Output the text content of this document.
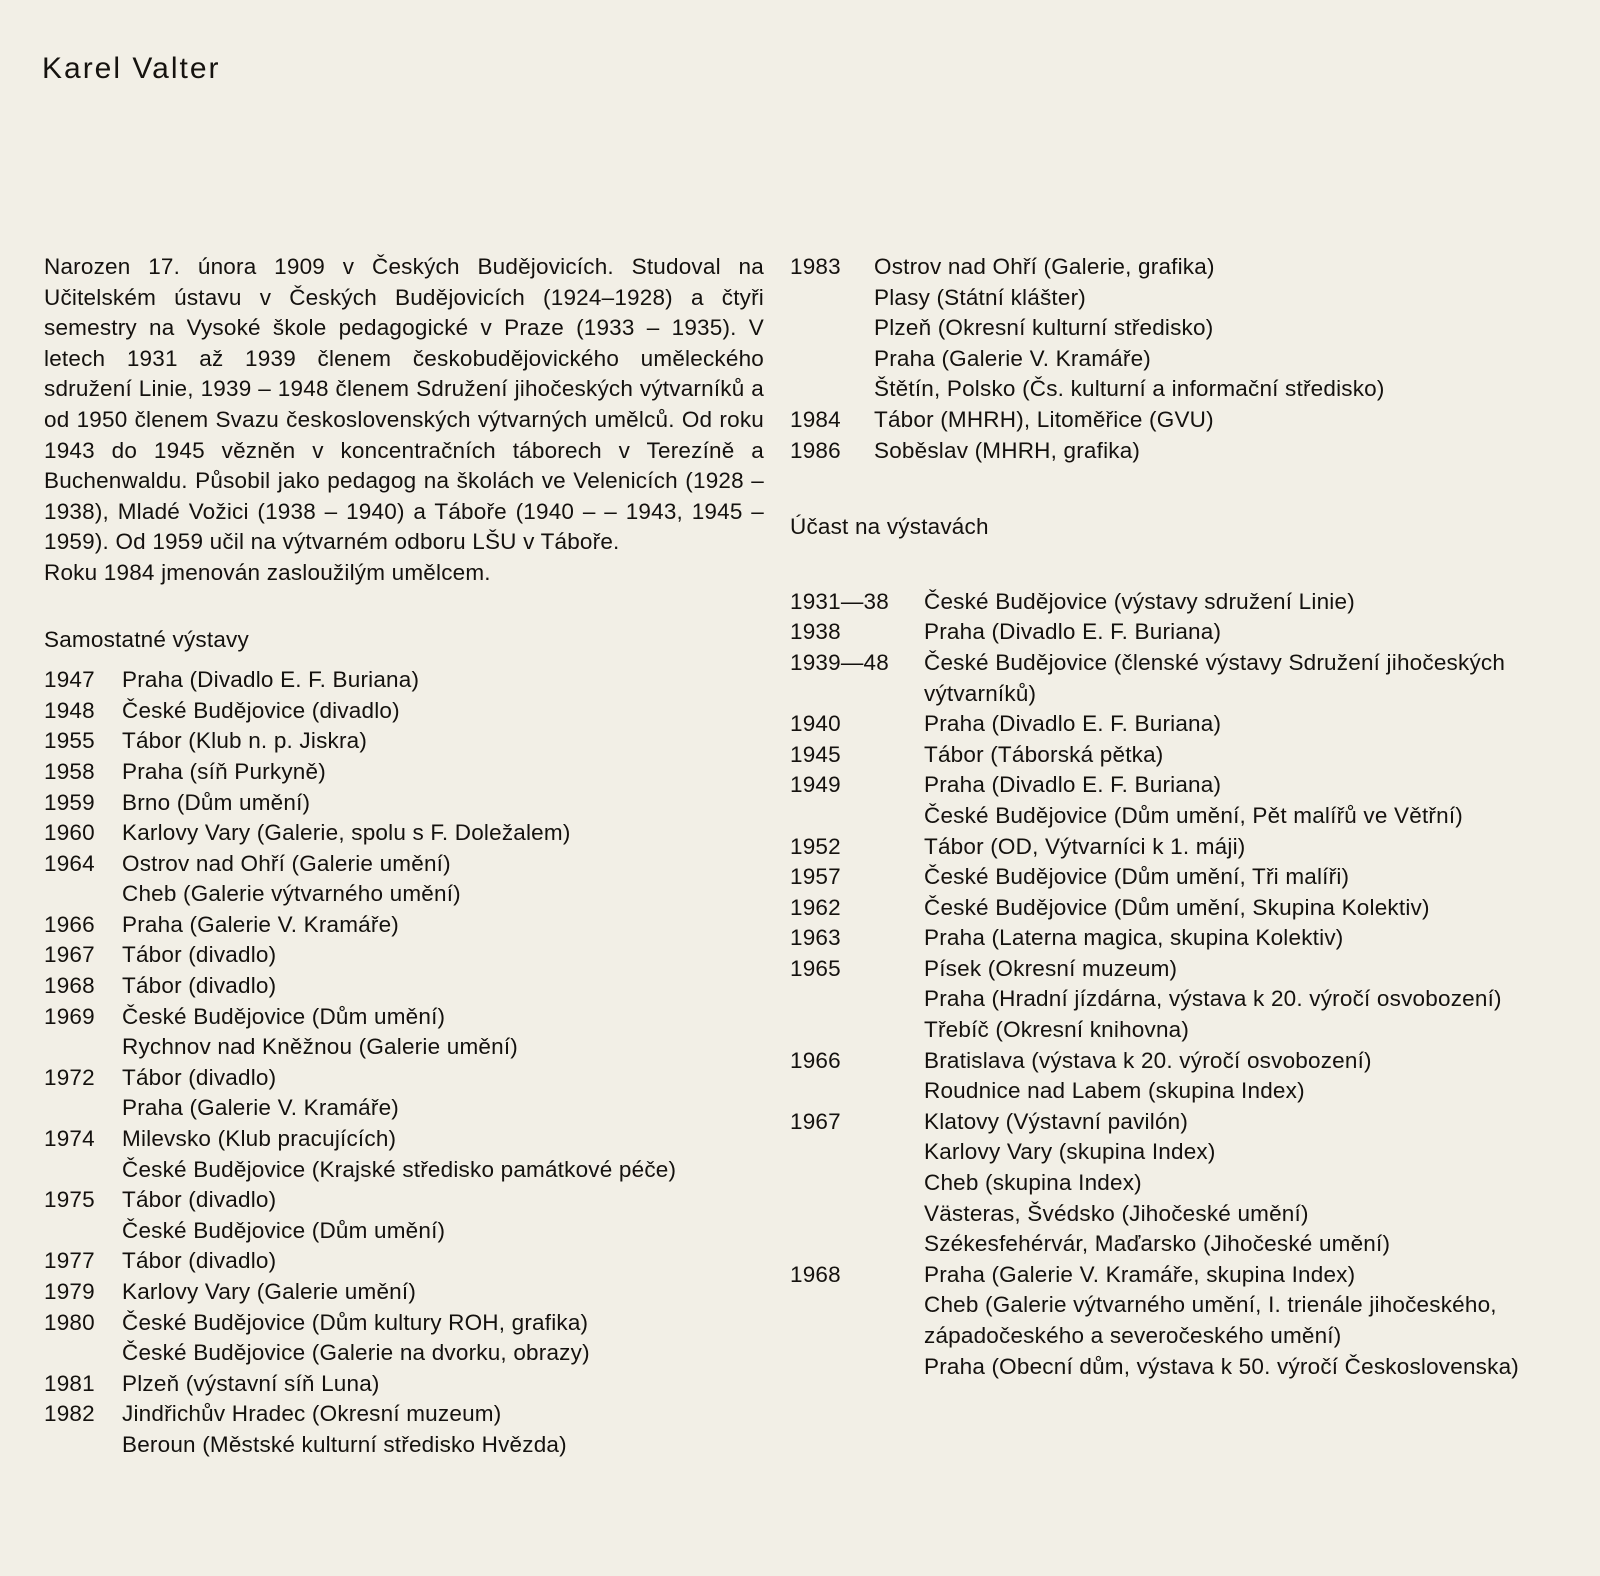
Karel Valter

Narozen 17. února 1909 v Českých Budějovicích. Studoval na Učitelském ústavu v Českých Budějovicích (1924–1928) a čtyři semestry na Vysoké škole pedagogické v Praze (1933 – 1935). V letech 1931 až 1939 členem českobudějovického uměleckého sdružení Linie, 1939 – 1948 členem Sdružení jihočeských výtvarníků a od 1950 členem Svazu československých výtvarných umělců. Od roku 1943 do 1945 vězněn v koncentračních táborech v Terezíně a Buchenwaldu. Působil jako pedagog na školách ve Velenicích (1928 – 1938), Mladé Vožici (1938 – 1940) a Táboře (1940 – – 1943, 1945 – 1959). Od 1959 učil na výtvarném odboru LŠU v Táboře.

Roku 1984 jmenován zasloužilým umělcem.

Samostatné výstavy
1947	Praha (Divadlo E. F. Buriana)
1948	České Budějovice (divadlo)
1955	Tábor (Klub n. p. Jiskra)
1958	Praha (síň Purkyně)
1959	Brno (Dům umění)
1960	Karlovy Vary (Galerie, spolu s F. Doležalem)
1964	Ostrov nad Ohří (Galerie umění)
Cheb (Galerie výtvarného umění)
1966	Praha (Galerie V. Kramáře)
1967	Tábor (divadlo)
1968	Tábor (divadlo)
1969	České Budějovice (Dům umění)
Rychnov nad Kněžnou (Galerie umění)
1972	Tábor (divadlo)
Praha (Galerie V. Kramáře)
1974	Milevsko (Klub pracujících)
České Budějovice (Krajské středisko památkové péče)
1975	Tábor (divadlo)
České Budějovice (Dům umění)
1977	Tábor (divadlo)
1979	Karlovy Vary (Galerie umění)
1980	České Budějovice (Dům kultury ROH, grafika)
České Budějovice (Galerie na dvorku, obrazy)
1981	Plzeň (výstavní síň Luna)
1982	Jindřichův Hradec (Okresní muzeum)
Beroun (Městské kulturní středisko Hvězda)
1983	Ostrov nad Ohří (Galerie, grafika)
Plasy (Státní klášter)
Plzeň (Okresní kulturní středisko)
Praha (Galerie V. Kramáře)
Štětín, Polsko (Čs. kulturní a informační středisko)
1984	Tábor (MHRH), Litoměřice (GVU)
1986	Soběslav (MHRH, grafika)
Účast na výstavách
1931—38	České Budějovice (výstavy sdružení Linie)
1938	Praha (Divadlo E. F. Buriana)
1939—48	České Budějovice (členské výstavy Sdružení jihočeských výtvarníků)
1940	Praha (Divadlo E. F. Buriana)
1945	Tábor (Táborská pětka)
1949	Praha (Divadlo E. F. Buriana)
České Budějovice (Dům umění, Pět malířů ve Větřní)
1952	Tábor (OD, Výtvarníci k 1. máji)
1957	České Budějovice (Dům umění, Tři malíři)
1962	České Budějovice (Dům umění, Skupina Kolektiv)
1963	Praha (Laterna magica, skupina Kolektiv)
1965	Písek (Okresní muzeum)
Praha (Hradní jízdárna, výstava k 20. výročí osvobození)
Třebíč (Okresní knihovna)
1966	Bratislava (výstava k 20. výročí osvobození)
Roudnice nad Labem (skupina Index)
1967	Klatovy (Výstavní pavilón)
Karlovy Vary (skupina Index)
Cheb (skupina Index)
Västeras, Švédsko (Jihočeské umění)
Székesfehérvár, Maďarsko (Jihočeské umění)
1968	Praha (Galerie V. Kramáře, skupina Index)
Cheb (Galerie výtvarného umění, I. trienále jihočeského, západočeského a severočeského umění)
Praha (Obecní dům, výstava k 50. výročí Československa)
